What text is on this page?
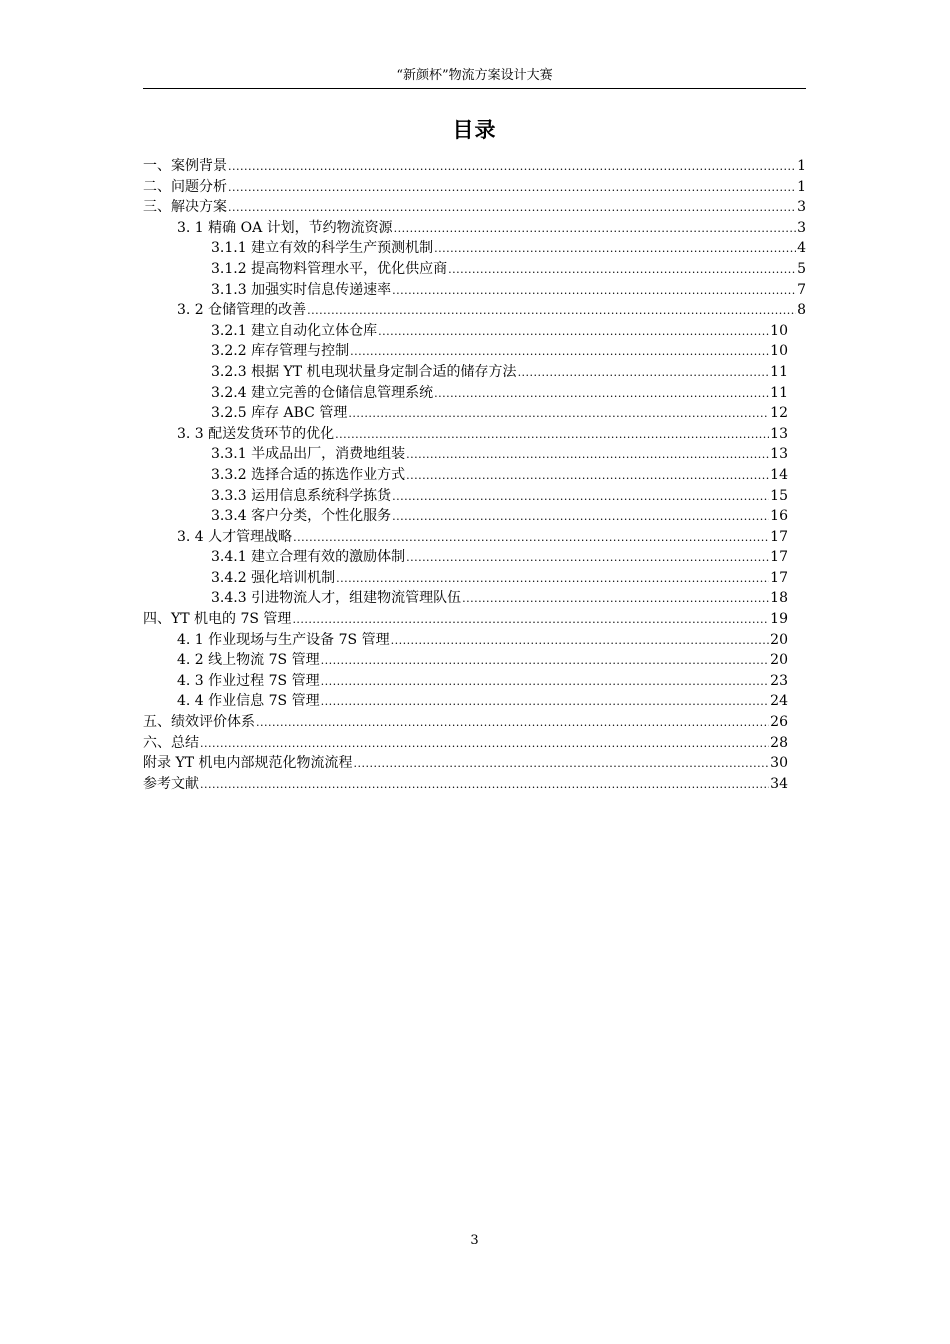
“新颜杯”物流方案设计大赛
目录
一、案例背景 .....	1
二、问题分析 .....	1
三、解决方案 .....	3
3. 1 精确 OA 计划，节约物流资源 .....	3
3.1.1 建立有效的科学生产预测机制 .....	4
3.1.2 提高物料管理水平，优化供应商 .....	5
3.1.3 加强实时信息传递速率 .....	7
3. 2 仓储管理的改善 .....	8
3.2.1 建立自动化立体仓库 .....	10
3.2.2 库存管理与控制 .....	10
3.2.3 根据 YT 机电现状量身定制合适的储存方法 .....	11
3.2.4 建立完善的仓储信息管理系统 .....	11
3.2.5 库存 ABC 管理 .....	12
3. 3 配送发货环节的优化 .....	13
3.3.1 半成品出厂，消费地组装 .....	13
3.3.2 选择合适的拣选作业方式 .....	14
3.3.3 运用信息系统科学拣货 .....	15
3.3.4 客户分类，个性化服务 .....	16
3. 4 人才管理战略 .....	17
3.4.1 建立合理有效的激励体制 .....	17
3.4.2 强化培训机制 .....	17
3.4.3 引进物流人才，组建物流管理队伍 .....	18
四、YT 机电的 7S 管理 .....	19
4. 1 作业现场与生产设备 7S 管理 .....	20
4. 2 线上物流 7S 管理 .....	20
4. 3 作业过程 7S 管理 .....	23
4. 4 作业信息 7S 管理 .....	24
五、绩效评价体系 .....	26
六、总结 .....	28
附录 YT 机电内部规范化物流流程 .....	30
参考文献 .....	34
3
